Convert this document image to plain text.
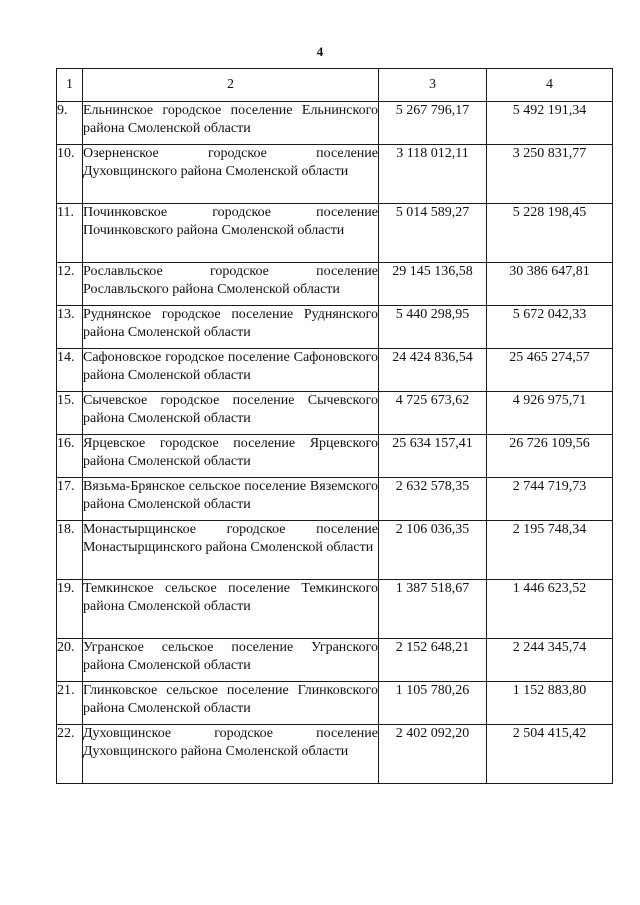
4
1	2	3	4
9.	Ельнинское городское поселение Ельнинского района Смоленской области	5 267 796,17	5 492 191,34
10.	Озерненское городское поселение Духовщинского района Смоленской области	3 118 012,11	3 250 831,77
11.	Починковское городское поселение Починковского района Смоленской области	5 014 589,27	5 228 198,45
12.	Рославльское городское поселение Рославльского района Смоленской области	29 145 136,58	30 386 647,81
13.	Руднянское городское поселение Руднянского района Смоленской области	5 440 298,95	5 672 042,33
14.	Сафоновское городское поселение Сафоновского района Смоленской области	24 424 836,54	25 465 274,57
15.	Сычевское городское поселение Сычевского района Смоленской области	4 725 673,62	4 926 975,71
16.	Ярцевское городское поселение Ярцевского района Смоленской области	25 634 157,41	26 726 109,56
17.	Вязьма-Брянское сельское поселение Вяземского района Смоленской области	2 632 578,35	2 744 719,73
18.	Монастырщинское городское поселение Монастырщинского района Смоленской области	2 106 036,35	2 195 748,34
19.	Темкинское сельское поселение Темкинского района Смоленской области	1 387 518,67	1 446 623,52
20.	Угранское сельское поселение Угранского района Смоленской области	2 152 648,21	2 244 345,74
21.	Глинковское сельское поселение Глинковского района Смоленской области	1 105 780,26	1 152 883,80
22.	Духовщинское городское поселение Духовщинского района Смоленской области	2 402 092,20	2 504 415,42
